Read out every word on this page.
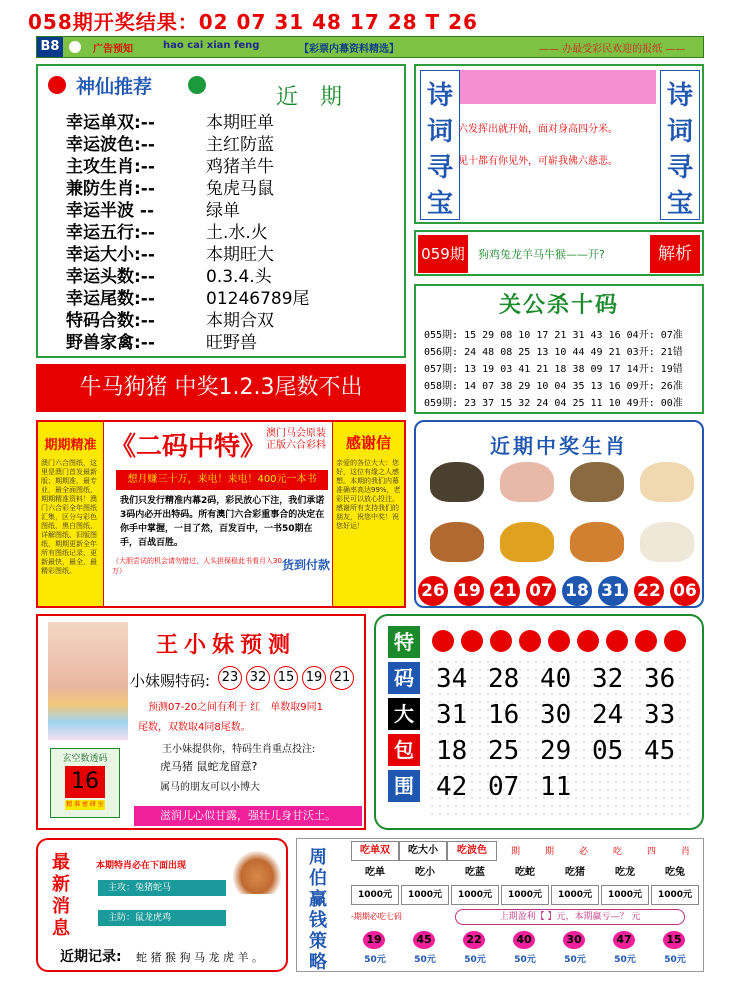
058期开奖结果：02 07 31 48 17 28 T 26
B8	广告预知	hao cai xian feng	【彩票内幕资料精选】	—— 办最受彩民欢迎的报纸 ——
神仙推荐	近　期
幸运单双:--	本期旺单
幸运波色:--	主红防蓝
主攻生肖:--	鸡猪羊牛
兼防生肖:--	兔虎马鼠
幸运半波 --	绿单
幸运五行:--	土.水.火
幸运大小:--	本期旺大
幸运头数:--	0.3.4.头
幸运尾数:--	01246789尾
特码合数:--	本期合双
野兽家禽:--	旺野兽
牛马狗猪 中奖1.2.3尾数不出
诗
词
寻
宝
六发挥出就开始，面对身高四分米。
见十都有你见外，可崭我佛六慈悲。
诗
词
寻
宝
059期 狗鸡兔龙羊马牛猴——开?	解析
关公杀十码
055期: 15 29 08 10 17 21 31 43 16 04开: 07准
056期: 24 48 08 25 13 10 44 49 21 03开: 21错
057期: 13 19 03 41 21 18 38 09 17 14开: 19错
058期: 14 07 38 29 10 04 35 13 16 09开: 26准
059期: 23 37 15 32 24 04 25 11 10 49开: 00准
期期精准
澳门六合图纸，这里是澳门首发最新版；期期准，最专业，最全面图纸，期期精准资料！澳门六合彩全年图纸汇集，区分与彩色图纸、黑白图纸、详解图纸、旧版图纸，期期更新全年所有图纸记录，更新最快，最全，最精彩图纸。
《二码中特》 澳门马会原装正版六合彩料
想月赚三十万，来电！来电！400元一本书
我们只发行精准内幕2码，彩民放心下注，我们承诺3码内必开出特码。所有澳门六合彩重事合的决定在你手中掌握，一目了然，百发百中，一书50期在手，百战百胜。
（大胆尝试的机会请勿错过，人头担保稳此书看月入30万）	货到付款
感谢信
亲爱的各位大大：您好，这位有缘之人感想。本期的我们内幕准确率高达99%，老彩民可以放心投注。感谢所有支持我们的朋友，祝您中奖！祝您好运！
近期中奖生肖
26 19 21 07 18 31 22 06
王小妹预测
小妹赐特码: 23 32 15 19 21
预测07-20之间有利于 红　单数取9同1
尾数，双数取4同8尾数。
王小妹提供你，特码生肖重点投注:
虎马猪 鼠蛇龙留意?
属马的朋友可以小博大
玄空数透码
16
精 准 密 研 室
滋润儿心似甘露，强壮儿身甘沃土。
特
码
大
包
围
34 28 40 32 36
31 16 30 24 33
18 25 29 05 45
42 07 11
最
新
消
息
本期特肖必在下面出现
主攻：兔猪蛇马
主防：鼠龙虎鸡
近期记录: 蛇 猪 猴 狗 马 龙 虎 羊 。
周
伯
赢
钱
策
略
吃单双	吃大小	吃波色	期	期	必	吃	四	肖
吃单	吃小	吃蓝	吃蛇	吃猪	吃龙	吃兔
1000元	1000元	1000元	1000元	1000元	1000元	1000元
-期期必吃七码	上期盈利【 】元，本期赢亏—？ 元
19	45	22	40	30	47	15
50元	50元	50元	50元	50元	50元	50元
